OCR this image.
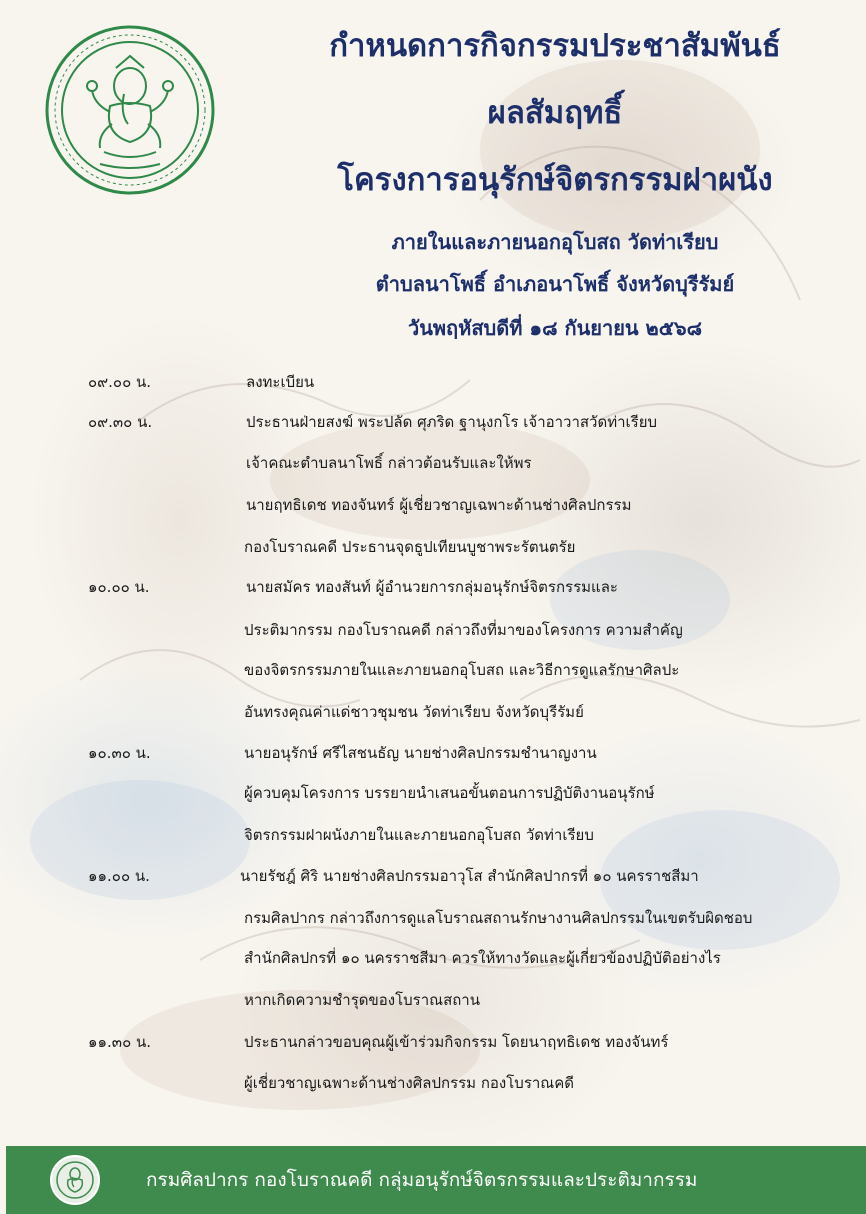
กำหนดการกิจกรรมประชาสัมพันธ์
ผลสัมฤทธิ์
โครงการอนุรักษ์จิตรกรรมฝาผนัง
ภายในและภายนอกอุโบสถ วัดท่าเรียบ
ตำบลนาโพธิ์ อำเภอนาโพธิ์ จังหวัดบุรีรัมย์
วันพฤหัสบดีที่ ๑๘ กันยายน ๒๕๖๘
๐๙.๐๐ น.	ลงทะเบียน
๐๙.๓๐ น.	ประธานฝ่ายสงฆ์ พระปลัด ศุภริด ฐานุงกโร เจ้าอาวาสวัดท่าเรียบ
เจ้าคณะตำบลนาโพธิ์ กล่าวต้อนรับและให้พร
นายฤทธิเดช ทองจันทร์ ผู้เชี่ยวชาญเฉพาะด้านช่างศิลปกรรม
กองโบราณคดี ประธานจุดธูปเทียนบูชาพระรัตนตรัย
๑๐.๐๐ น.	นายสมัคร ทองสันท์ ผู้อำนวยการกลุ่มอนุรักษ์จิตรกรรมและ
ประติมากรรม กองโบราณคดี กล่าวถึงที่มาของโครงการ ความสำคัญ
ของจิตรกรรมภายในและภายนอกอุโบสถ และวิธีการดูแลรักษาศิลปะ
อันทรงคุณค่าแด่ชาวชุมชน วัดท่าเรียบ จังหวัดบุรีรัมย์
๑๐.๓๐ น.	นายอนุรักษ์ ศรีไสชนธัญ นายช่างศิลปกรรมชำนาญงาน
ผู้ควบคุมโครงการ บรรยายนำเสนอขั้นตอนการปฏิบัติงานอนุรักษ์
จิตรกรรมฝาผนังภายในและภายนอกอุโบสถ วัดท่าเรียบ
๑๑.๐๐ น.	นายรัชฎ์ ศิริ นายช่างศิลปกรรมอาวุโส สำนักศิลปากรที่ ๑๐ นครราชสีมา
กรมศิลปากร กล่าวถึงการดูแลโบราณสถานรักษางานศิลปกรรมในเขตรับผิดชอบ
สำนักศิลปกรที่ ๑๐ นครราชสีมา ควรให้ทางวัดและผู้เกี่ยวข้องปฏิบัติอย่างไร
หากเกิดความชำรุดของโบราณสถาน
๑๑.๓๐ น.	ประธานกล่าวขอบคุณผู้เข้าร่วมกิจกรรม โดยนาฤทธิเดช ทองจันทร์
ผู้เชี่ยวชาญเฉพาะด้านช่างศิลปกรรม กองโบราณคดี
กรมศิลปากร กองโบราณคดี กลุ่มอนุรักษ์จิตรกรรมและประติมากรรม
